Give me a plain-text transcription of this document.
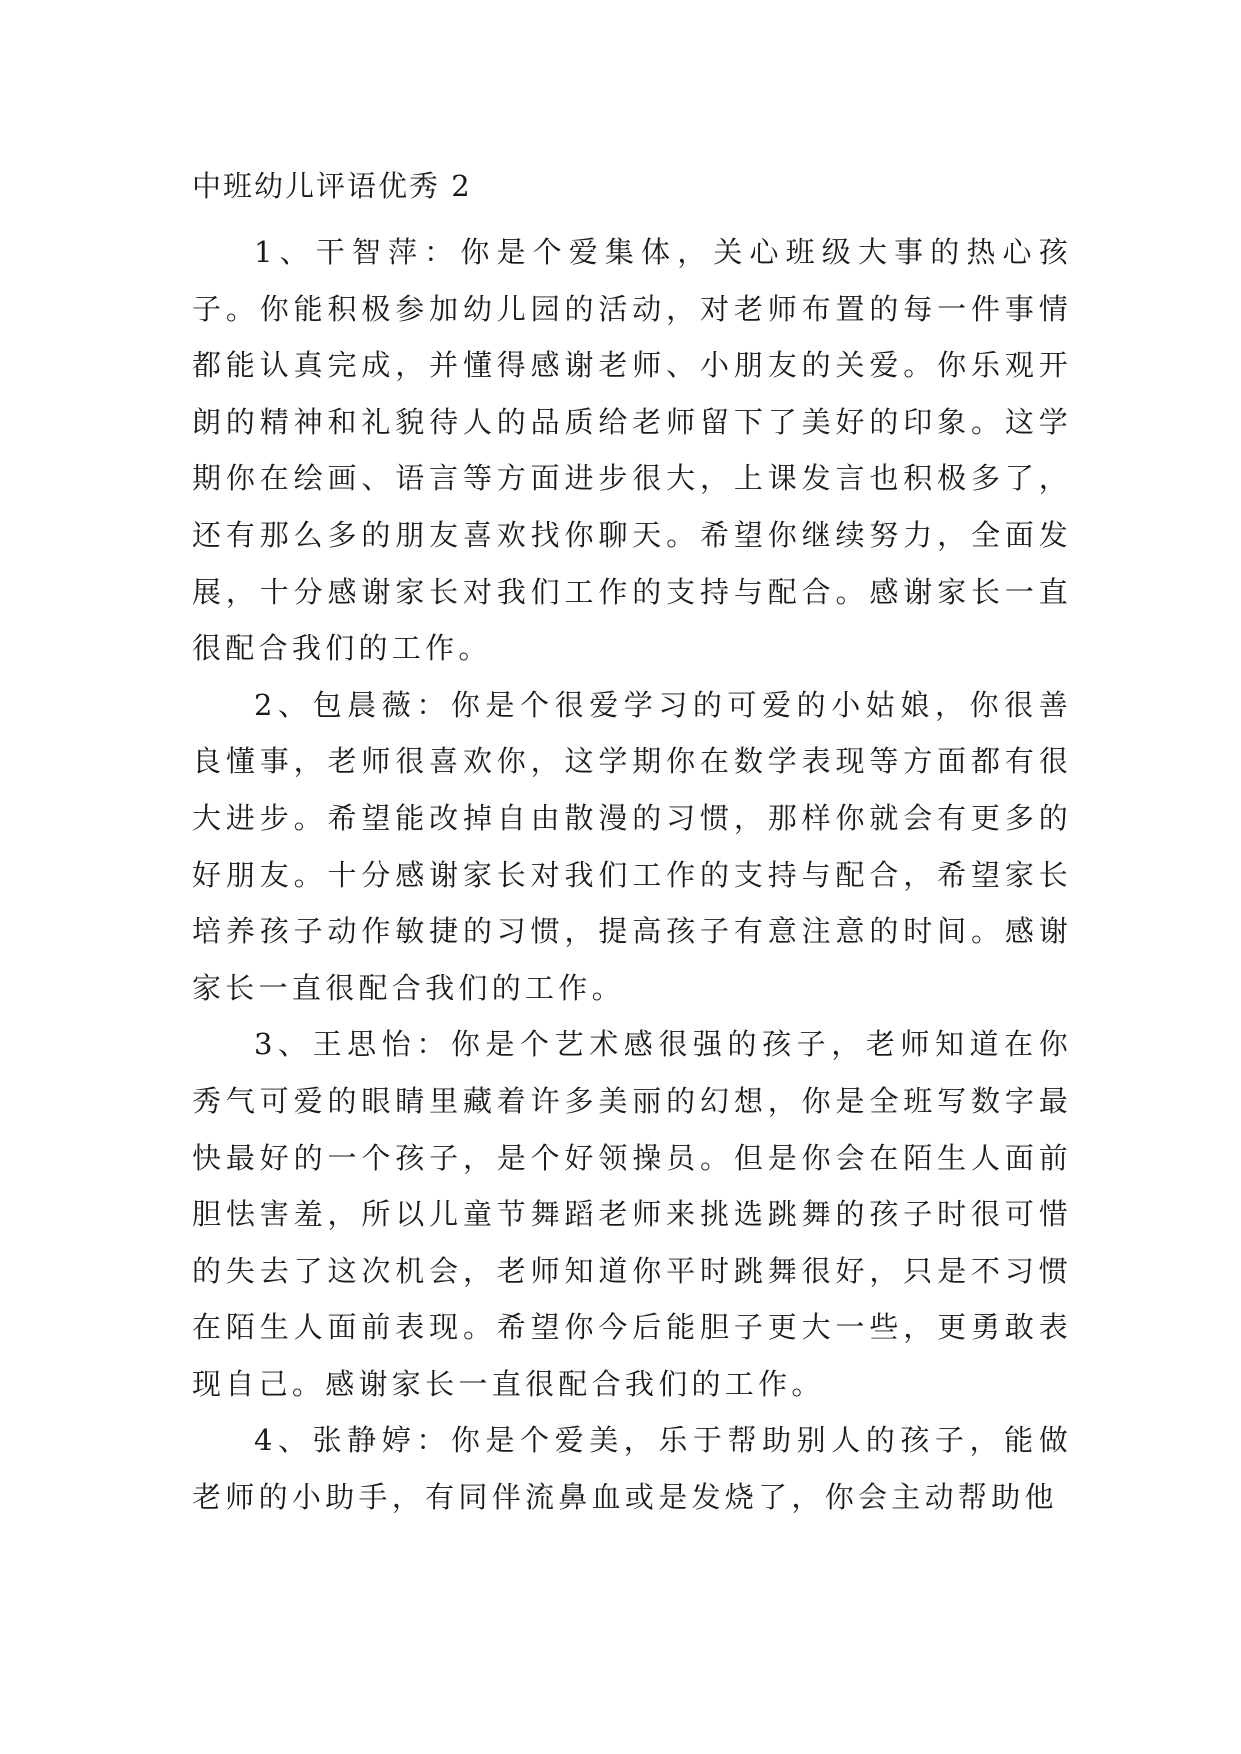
中班幼儿评语优秀 2

1、干智萍：你是个爱集体，关心班级大事的热心孩子。你能积极参加幼儿园的活动，对老师布置的每一件事情都能认真完成，并懂得感谢老师、小朋友的关爱。你乐观开朗的精神和礼貌待人的品质给老师留下了美好的印象。这学期你在绘画、语言等方面进步很大，上课发言也积极多了，还有那么多的朋友喜欢找你聊天。希望你继续努力，全面发展，十分感谢家长对我们工作的支持与配合。感谢家长一直很配合我们的工作。

2、包晨薇：你是个很爱学习的可爱的小姑娘，你很善良懂事，老师很喜欢你，这学期你在数学表现等方面都有很大进步。希望能改掉自由散漫的习惯，那样你就会有更多的好朋友。十分感谢家长对我们工作的支持与配合，希望家长培养孩子动作敏捷的习惯，提高孩子有意注意的时间。感谢家长一直很配合我们的工作。

3、王思怡：你是个艺术感很强的孩子，老师知道在你秀气可爱的眼睛里藏着许多美丽的幻想，你是全班写数字最快最好的一个孩子，是个好领操员。但是你会在陌生人面前胆怯害羞，所以儿童节舞蹈老师来挑选跳舞的孩子时很可惜的失去了这次机会，老师知道你平时跳舞很好，只是不习惯在陌生人面前表现。希望你今后能胆子更大一些，更勇敢表现自己。感谢家长一直很配合我们的工作。

4、张静婷：你是个爱美，乐于帮助别人的孩子，能做老师的小助手，有同伴流鼻血或是发烧了，你会主动帮助他
